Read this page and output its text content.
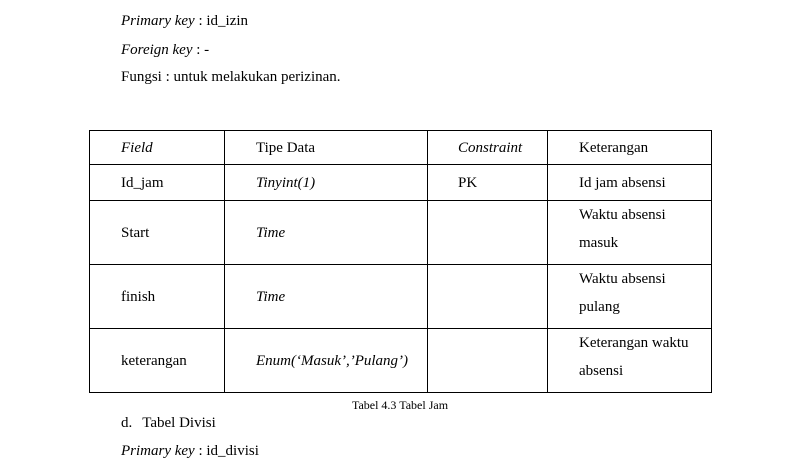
Primary key : id_izin
Foreign key : -
Fungsi : untuk melakukan perizinan.
Field	Tipe Data	Constraint	Keterangan

Id_jam	Tinyint(1)	PK	Id jam absensi

Start	Time		Waktu absensi masuk

finish	Time		Waktu absensi pulang

keterangan	Enum(‘Masuk’,’Pulang’)		Keterangan waktu absensi
Tabel 4.3 Tabel Jam
d. Tabel Divisi
Primary key : id_divisi
